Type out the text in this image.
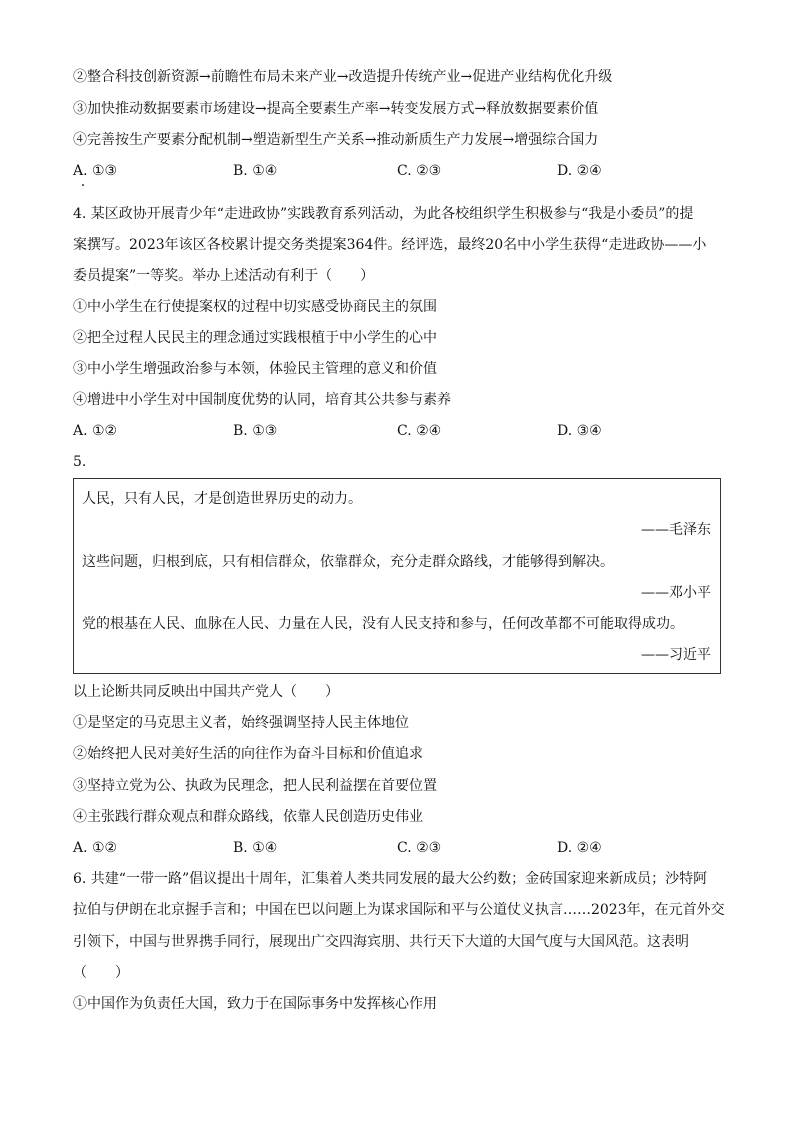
②整合科技创新资源→前瞻性布局未来产业→改造提升传统产业→促进产业结构优化升级
③加快推动数据要素市场建设→提高全要素生产率→转变发展方式→释放数据要素价值
④完善按生产要素分配机制→塑造新型生产关系→推动新质生产力发展→增强综合国力
A. ①③	B. ①④	C. ②③	D. ②④
4. 某区政协开展青少年“走进政协”实践教育系列活动，为此各校组织学生积极参与“我是小委员”的提
案撰写。2023年该区各校累计提交务类提案364件。经评选，最终20名中小学生获得“走进政协——小
委员提案”一等奖。举办上述活动有利于（　　）
①中小学生在行使提案权的过程中切实感受协商民主的氛围
②把全过程人民民主的理念通过实践根植于中小学生的心中
③中小学生增强政治参与本领，体验民主管理的意义和价值
④增进中小学生对中国制度优势的认同，培育其公共参与素养
A. ①②	B. ①③	C. ②④	D. ③④
5.
人民，只有人民，才是创造世界历史的动力。
——毛泽东
这些问题，归根到底，只有相信群众，依靠群众，充分走群众路线，才能够得到解决。
——邓小平
党的根基在人民、血脉在人民、力量在人民，没有人民支持和参与，任何改革都不可能取得成功。
——习近平
以上论断共同反映出中国共产党人（　　）
①是坚定的马克思主义者，始终强调坚持人民主体地位
②始终把人民对美好生活的向往作为奋斗目标和价值追求
③坚持立党为公、执政为民理念，把人民利益摆在首要位置
④主张践行群众观点和群众路线，依靠人民创造历史伟业
A. ①②	B. ①④	C. ②③	D. ②④
6. 共建“一带一路”倡议提出十周年，汇集着人类共同发展的最大公约数；金砖国家迎来新成员；沙特阿
拉伯与伊朗在北京握手言和；中国在巴以问题上为谋求国际和平与公道仗义执言……2023年，在元首外交
引领下，中国与世界携手同行，展现出广交四海宾朋、共行天下大道的大国气度与大国风范。这表明
（　　）
①中国作为负责任大国，致力于在国际事务中发挥核心作用
